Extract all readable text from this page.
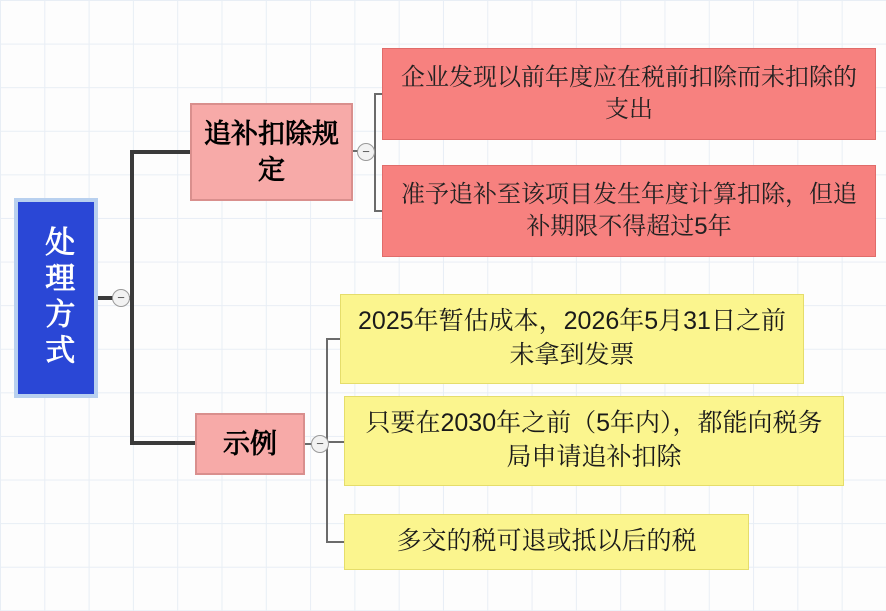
处理方式
追补扣除规定
示例
企业发现以前年度应在税前扣除而未扣除的支出
准予追补至该项目发生年度计算扣除，但追补期限不得超过5年
2025年暂估成本，2026年5月31日之前未拿到发票
只要在2030年之前（5年内），都能向税务局申请追补扣除
多交的税可退或抵以后的税
−
−
−
